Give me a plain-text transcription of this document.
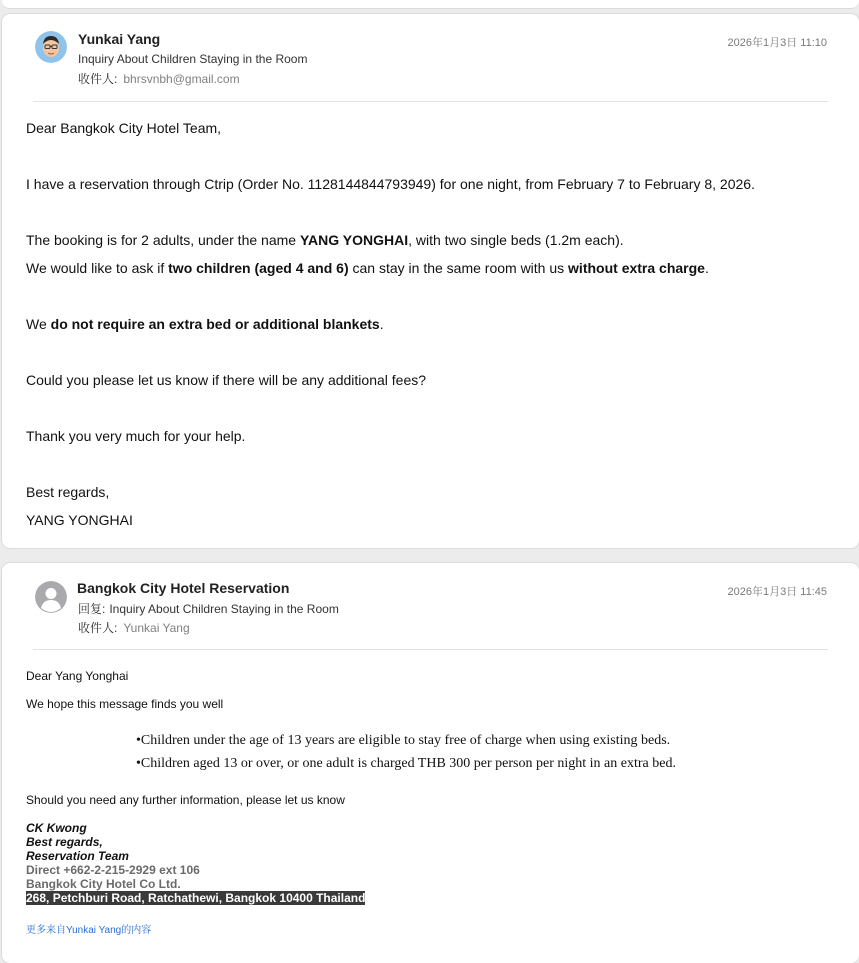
Yunkai Yang
Inquiry About Children Staying in the Room
收件人: bhrsvnbh@gmail.com
2026年1月3日 11:10
Dear Bangkok City Hotel Team,
I have a reservation through Ctrip (Order No. 1128144844793949) for one night, from February 7 to February 8, 2026.
The booking is for 2 adults, under the name YANG YONGHAI, with two single beds (1.2m each).
We would like to ask if two children (aged 4 and 6) can stay in the same room with us without extra charge.
We do not require an extra bed or additional blankets.
Could you please let us know if there will be any additional fees?
Thank you very much for your help.
Best regards,
YANG YONGHAI
Bangkok City Hotel Reservation
回复: Inquiry About Children Staying in the Room
收件人: Yunkai Yang
2026年1月3日 11:45
Dear Yang Yonghai
We hope this message finds you well
•Children under the age of 13 years are eligible to stay free of charge when using existing beds.
•Children aged 13 or over, or one adult is charged THB 300 per person per night in an extra bed.
Should you need any further information, please let us know
CK Kwong
Best regards,
Reservation Team
Direct +662-2-215-2929 ext 106
Bangkok City Hotel Co Ltd.
268, Petchburi Road, Ratchathewi, Bangkok 10400 Thailand
更多来自Yunkai Yang的内容
